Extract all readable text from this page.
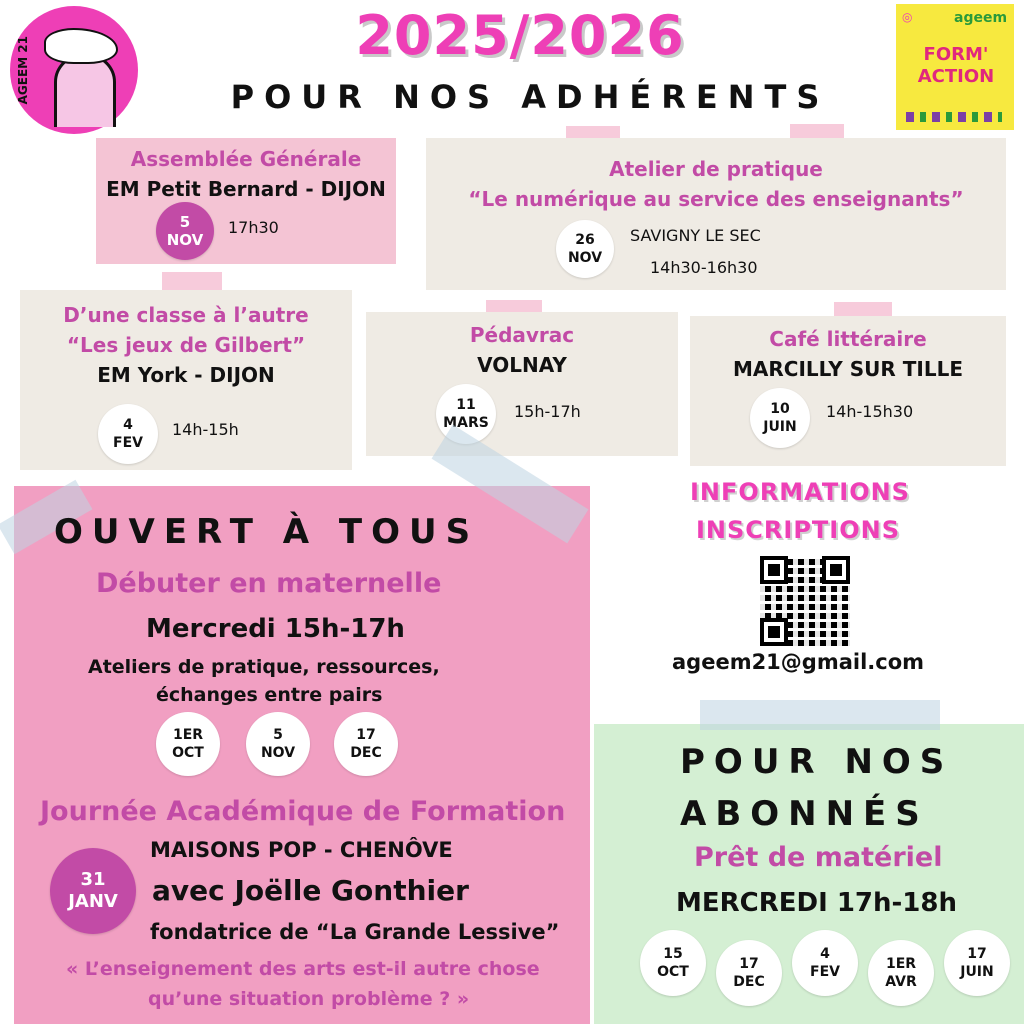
AGEEM 21
2025/2026
POUR NOS ADHÉRENTS
◎	ageem
FORM' ACTION
Assemblée Générale
EM Petit Bernard - DIJON
5
NOV
17h30
Atelier de pratique
“Le numérique au service des enseignants”
26
NOV
SAVIGNY LE SEC
14h30-16h30
D’une classe à l’autre
“Les jeux de Gilbert”
EM York - DIJON
4
FEV
14h-15h
Pédavrac
VOLNAY
11
MARS
15h-17h
Café littéraire
MARCILLY SUR TILLE
10
JUIN
14h-15h30
OUVERT À TOUS
Débuter en maternelle
Mercredi 15h-17h
Ateliers de pratique, ressources,
échanges entre pairs
1ER
OCT
5
NOV
17
DEC
Journée Académique de Formation
MAISONS POP - CHENÔVE
31
JANV avec Joëlle Gonthier
fondatrice de “La Grande Lessive”
« L’enseignement des arts est-il autre chose
qu’une situation problème ? »
INFORMATIONS
INSCRIPTIONS
ageem21@gmail.com
POUR NOS
ABONNÉS
Prêt de matériel
MERCREDI 17h-18h
15
OCT	17
DEC
4
FEV	1ER
AVR
17
JUIN
